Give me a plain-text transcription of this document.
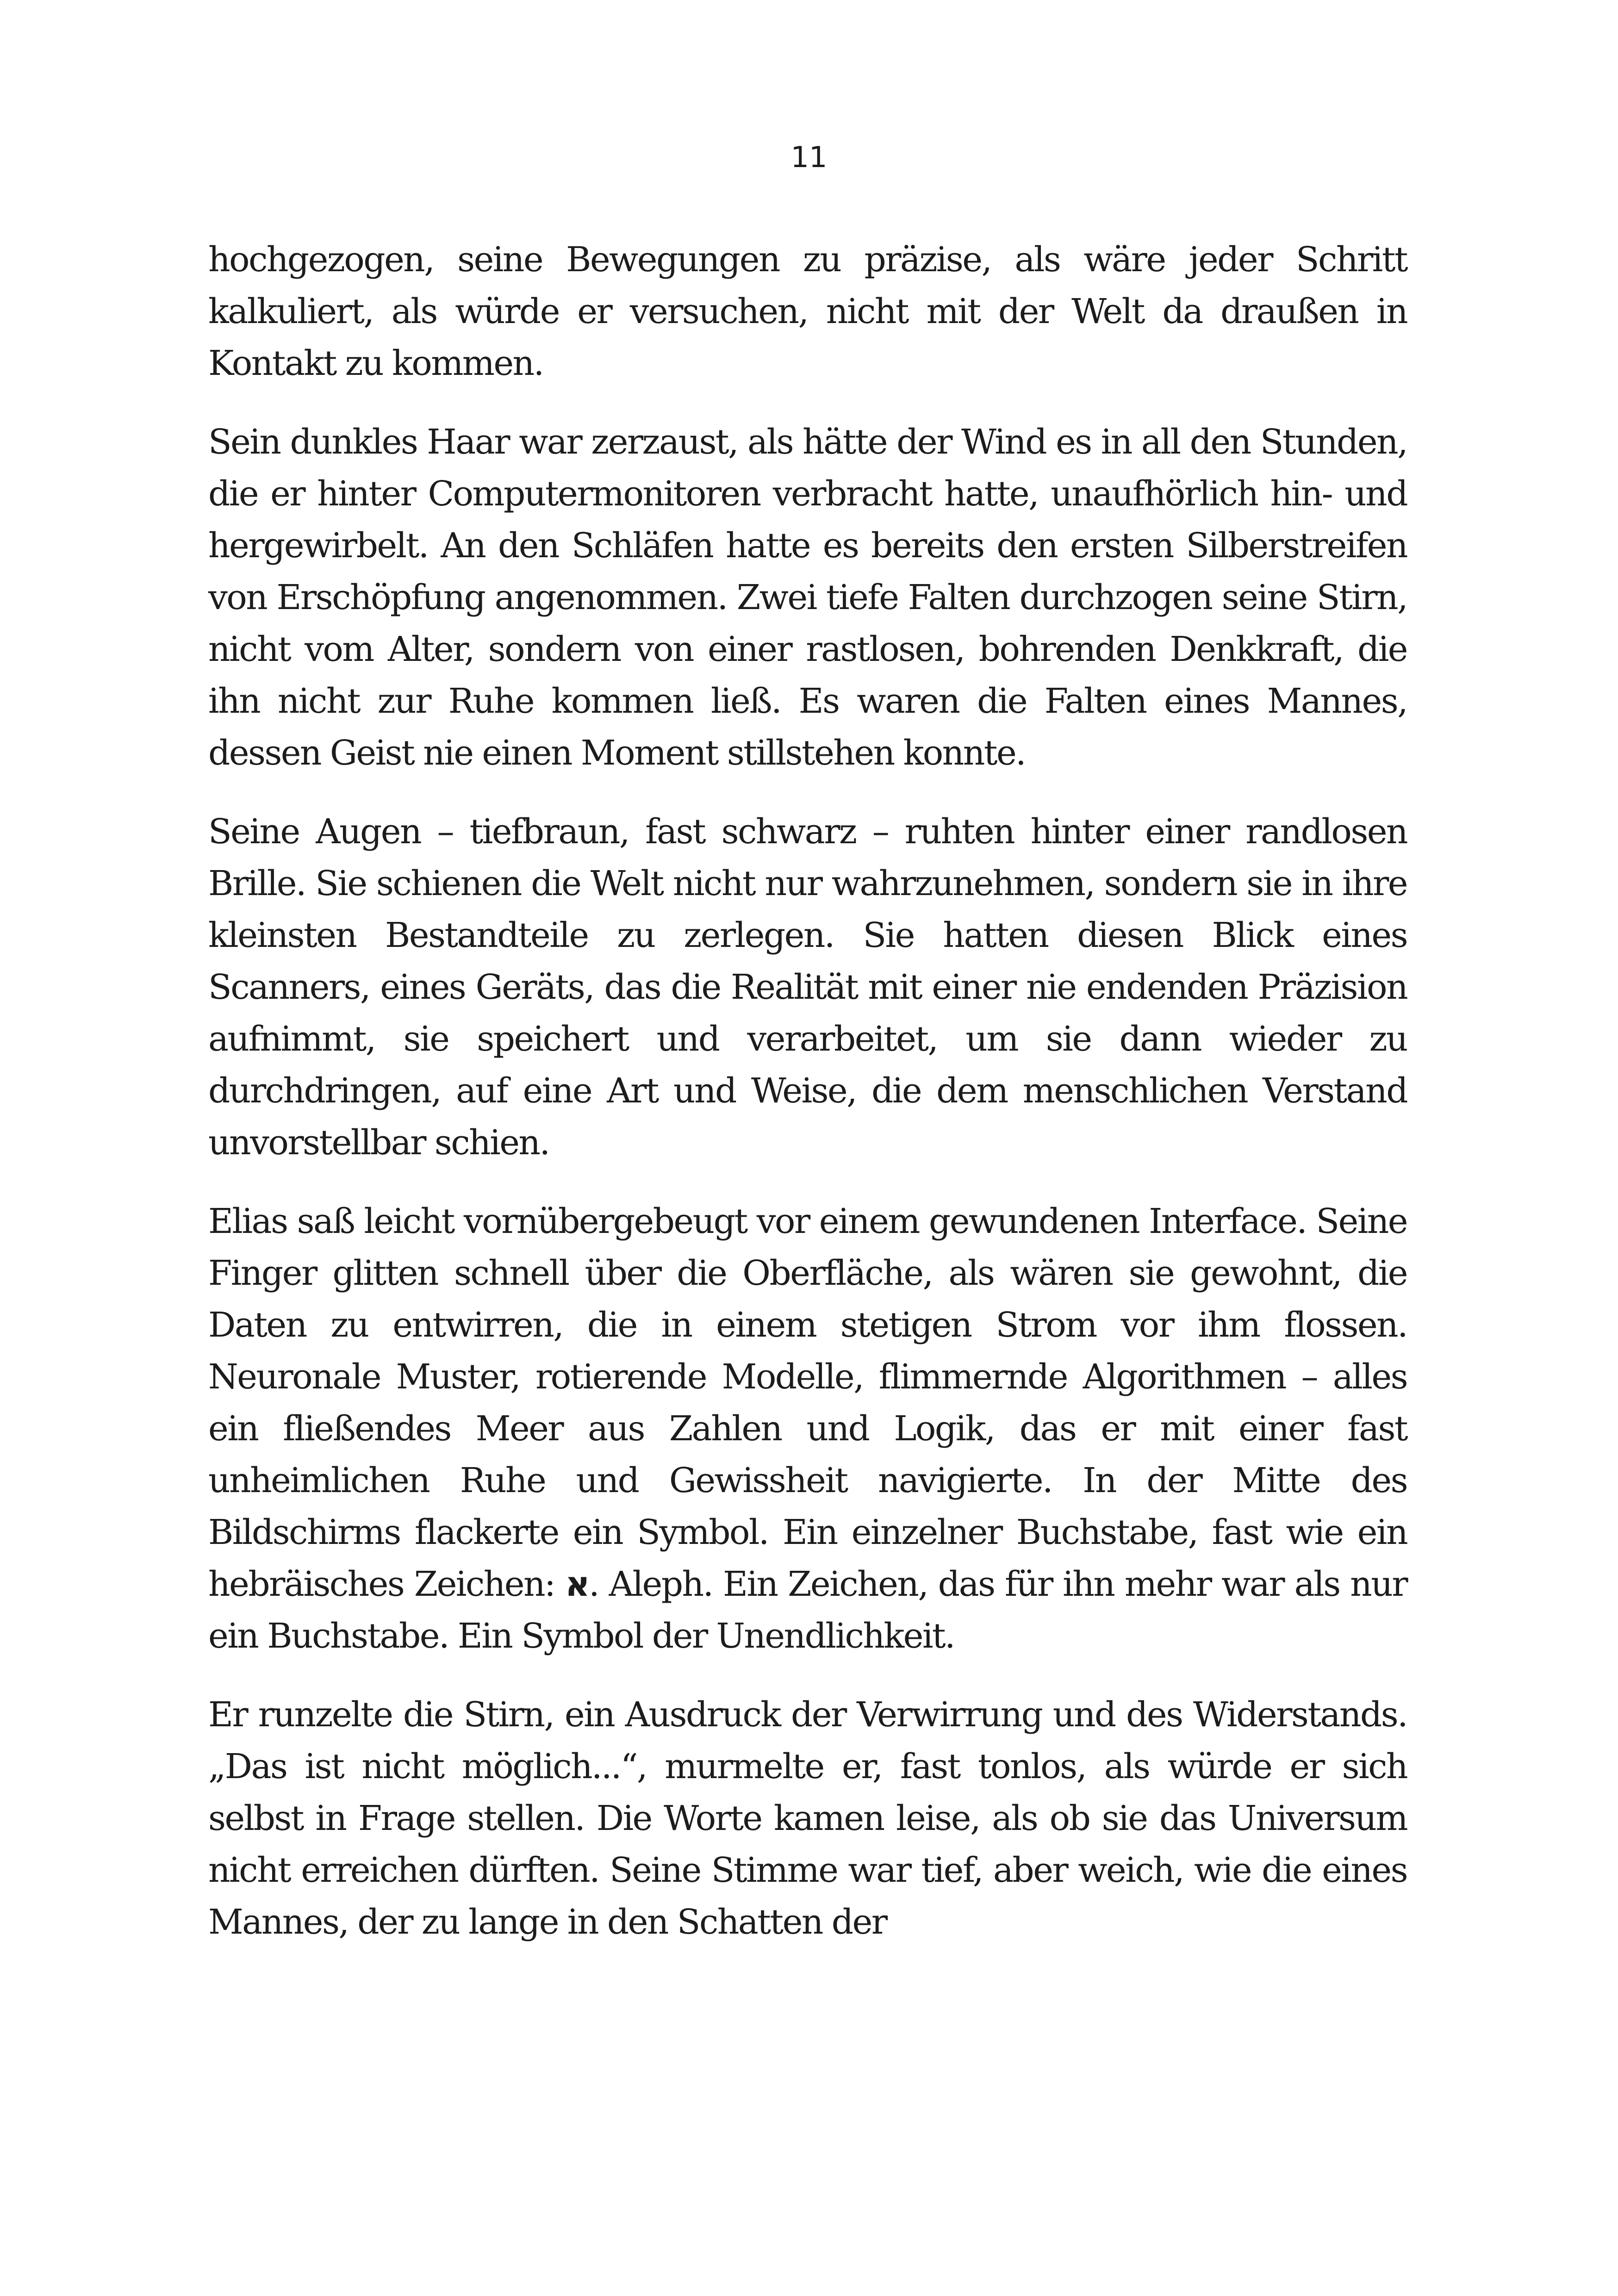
11

hochgezogen, seine Bewegungen zu präzise, als wäre jeder Schritt kalkuliert, als würde er versuchen, nicht mit der Welt da draußen in Kontakt zu kommen.

Sein dunkles Haar war zerzaust, als hätte der Wind es in all den Stunden, die er hinter Computermonitoren verbracht hatte, unaufhörlich hin- und hergewirbelt. An den Schläfen hatte es bereits den ersten Silberstreifen von Erschöpfung angenommen. Zwei tiefe Falten durchzogen seine Stirn, nicht vom Alter, sondern von einer rastlosen, bohrenden Denkkraft, die ihn nicht zur Ruhe kommen ließ. Es waren die Falten eines Mannes, dessen Geist nie einen Moment stillstehen konnte.

Seine Augen – tiefbraun, fast schwarz – ruhten hinter einer randlosen Brille. Sie schienen die Welt nicht nur wahrzunehmen, sondern sie in ihre kleinsten Bestandteile zu zerlegen. Sie hatten diesen Blick eines Scanners, eines Geräts, das die Realität mit einer nie endenden Präzision aufnimmt, sie speichert und verarbeitet, um sie dann wieder zu durchdringen, auf eine Art und Weise, die dem menschlichen Verstand unvorstellbar schien.

Elias saß leicht vornübergebeugt vor einem gewundenen Interface. Seine Finger glitten schnell über die Oberfläche, als wären sie gewohnt, die Daten zu entwirren, die in einem stetigen Strom vor ihm flossen. Neuronale Muster, rotierende Modelle, flimmernde Algorithmen – alles ein fließendes Meer aus Zahlen und Logik, das er mit einer fast unheimlichen Ruhe und Gewissheit navigierte. In der Mitte des Bildschirms flackerte ein Symbol. Ein einzelner Buchstabe, fast wie ein hebräisches Zeichen: א. Aleph. Ein Zeichen, das für ihn mehr war als nur ein Buchstabe. Ein Symbol der Unendlichkeit.

Er runzelte die Stirn, ein Ausdruck der Verwirrung und des Widerstands. „Das ist nicht möglich...“, murmelte er, fast tonlos, als würde er sich selbst in Frage stellen. Die Worte kamen leise, als ob sie das Universum nicht erreichen dürften. Seine Stimme war tief, aber weich, wie die eines Mannes, der zu lange in den Schatten der
